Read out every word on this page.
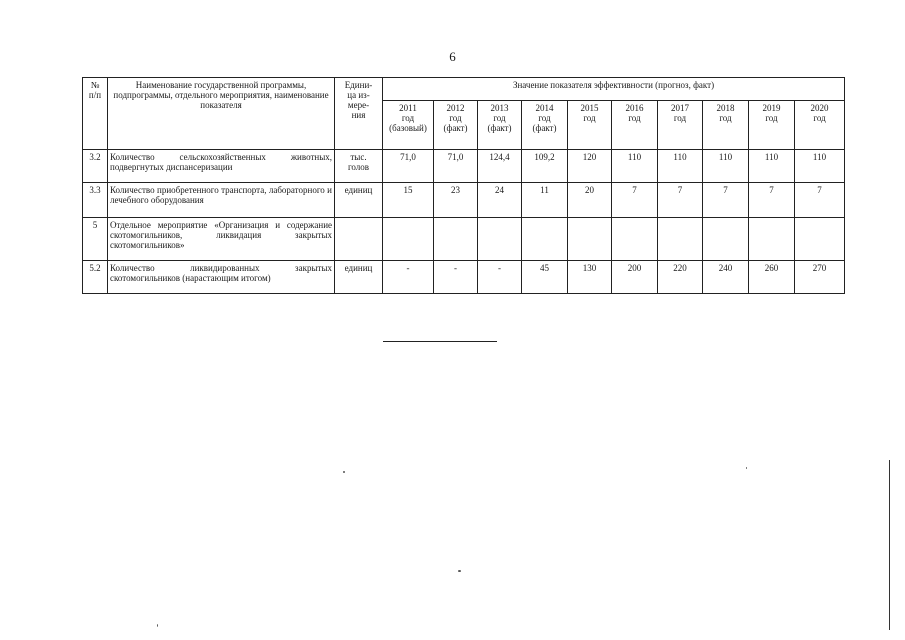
6
№
п/п	Наименование государственной программы, подпрограммы, отдельного мероприятия, наименование показателя	Едини-
ца из-
мере-
ния	Значение показателя эффективности (прогноз, факт)									
			2011
год
(базовый)	2012
год
(факт)	2013
год
(факт)	2014
год
(факт)	2015
год	2016
год	2017
год	2018
год	2019
год	2020
год
3.2	Количество сельскохозяйственных животных, подвергнутых диспансеризации	тыс.
голов	71,0	71,0	124,4	109,2	120	110	110	110	110	110
3.3	Количество приобретенного транспорта, лабораторного и лечебного оборудования	единиц	15	23	24	11	20	7	7	7	7	7
5	Отдельное мероприятие «Организация и содержание скотомогильников, ликвидация закрытых скотомогильников»											
5.2	Количество ликвидированных закрытых скотомогильников (нарастающим итогом)	единиц	-	-	-	45	130	200	220	240	260	270
